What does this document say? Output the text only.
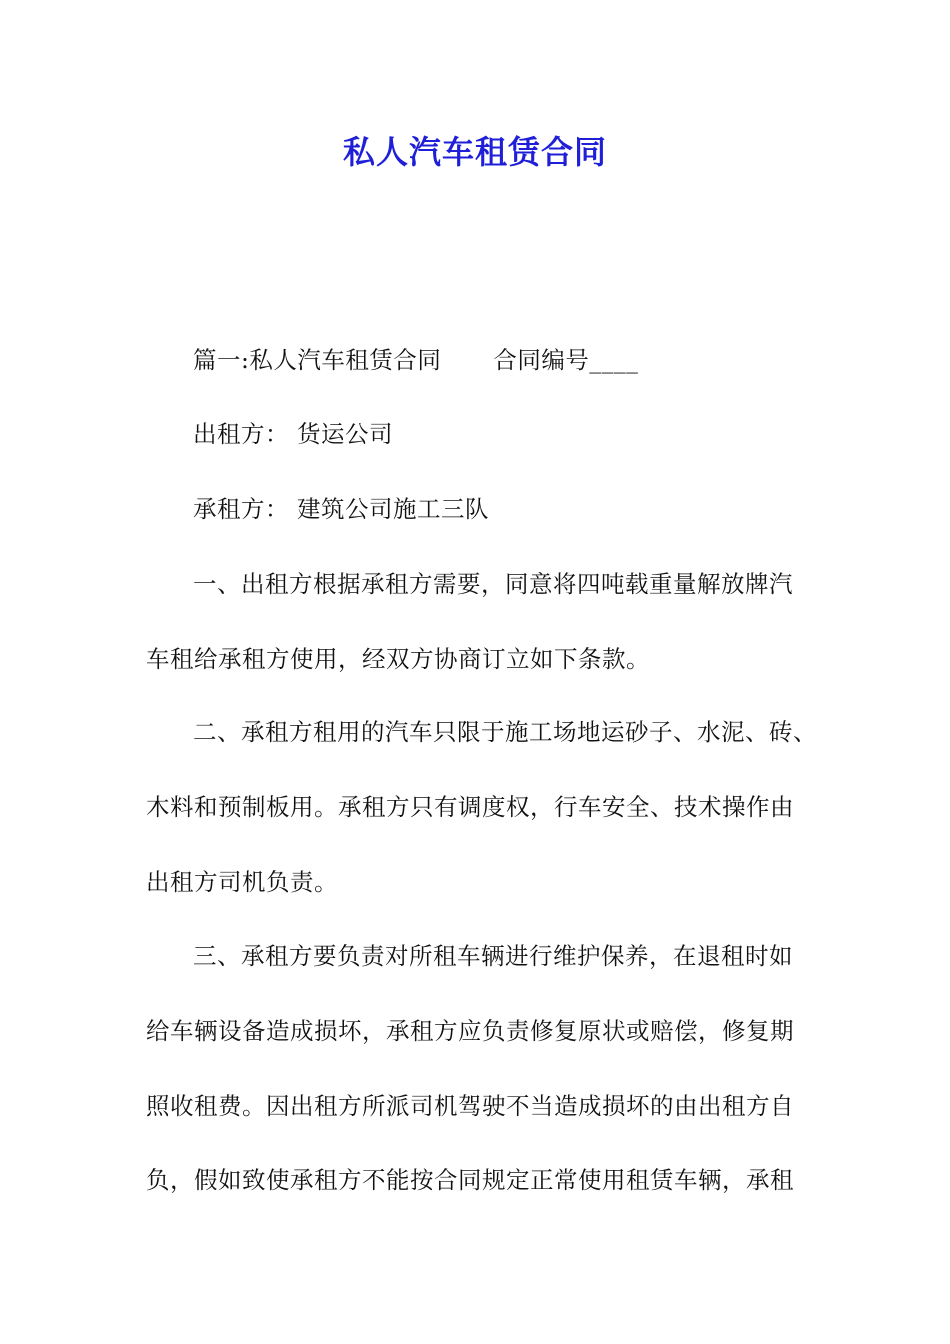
私人汽车租赁合同
篇一:私人汽车租赁合同 合同编号____
出租方： 货运公司
承租方： 建筑公司施工三队
一、出租方根据承租方需要，同意将四吨载重量解放牌汽
车租给承租方使用，经双方协商订立如下条款。
二、承租方租用的汽车只限于施工场地运砂子、水泥、砖、
木料和预制板用。承租方只有调度权，行车安全、技术操作由
出租方司机负责。
三、承租方要负责对所租车辆进行维护保养，在退租时如
给车辆设备造成损坏，承租方应负责修复原状或赔偿，修复期
照收租费。因出租方所派司机驾驶不当造成损坏的由出租方自
负，假如致使承租方不能按合同规定正常使用租赁车辆，承租
